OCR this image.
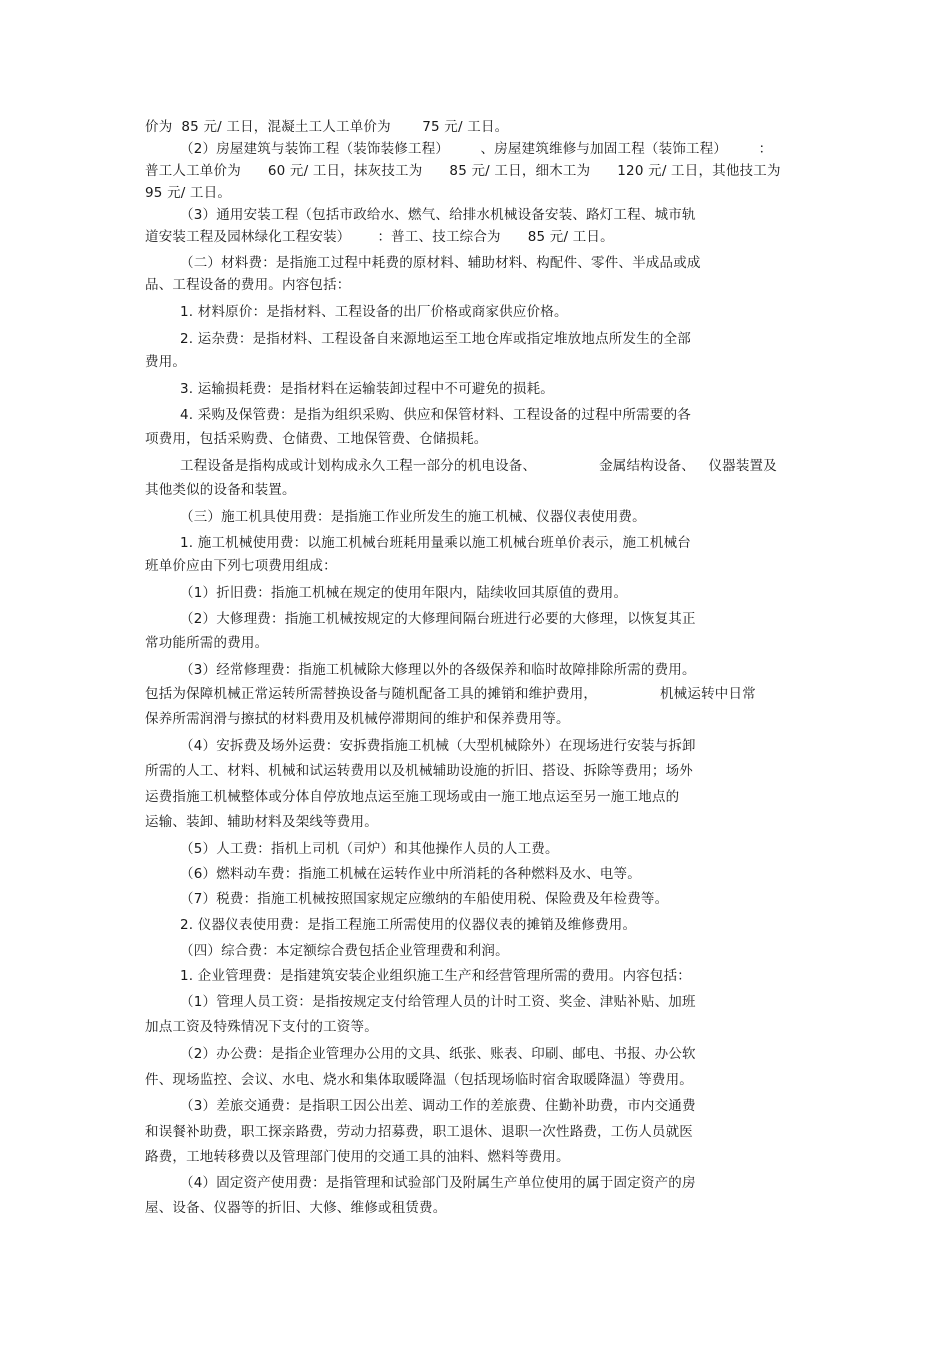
价为  85 元/ 工日，混凝土工人工单价为       75 元/ 工日。
（2）房屋建筑与装饰工程（装饰装修工程）       、房屋建筑维修与加固工程（装饰工程）       ：
普工人工单价为      60 元/ 工日，抹灰技工为      85 元/ 工日，细木工为      120 元/ 工日，其他技工为
95 元/ 工日。
（3）通用安装工程（包括市政给水、燃气、给排水机械设备安装、路灯工程、城市轨
道安装工程及园林绿化工程安装）      ：普工、技工综合为      85 元/ 工日。
（二）材料费：是指施工过程中耗费的原材料、辅助材料、构配件、零件、半成品或成
品、工程设备的费用。内容包括：
1. 材料原价：是指材料、工程设备的出厂价格或商家供应价格。
2. 运杂费：是指材料、工程设备自来源地运至工地仓库或指定堆放地点所发生的全部
费用。
3. 运输损耗费：是指材料在运输装卸过程中不可避免的损耗。
4. 采购及保管费：是指为组织采购、供应和保管材料、工程设备的过程中所需要的各
项费用，包括采购费、仓储费、工地保管费、仓储损耗。
工程设备是指构成或计划构成永久工程一部分的机电设备、              金属结构设备、   仪器装置及
其他类似的设备和装置。
（三）施工机具使用费：是指施工作业所发生的施工机械、仪器仪表使用费。
1. 施工机械使用费：以施工机械台班耗用量乘以施工机械台班单价表示，施工机械台
班单价应由下列七项费用组成：
（1）折旧费：指施工机械在规定的使用年限内，陆续收回其原值的费用。
（2）大修理费：指施工机械按规定的大修理间隔台班进行必要的大修理，以恢复其正
常功能所需的费用。
（3）经常修理费：指施工机械除大修理以外的各级保养和临时故障排除所需的费用。
包括为保障机械正常运转所需替换设备与随机配备工具的摊销和维护费用，              机械运转中日常
保养所需润滑与擦拭的材料费用及机械停滞期间的维护和保养费用等。
（4）安拆费及场外运费：安拆费指施工机械（大型机械除外）在现场进行安装与拆卸
所需的人工、材料、机械和试运转费用以及机械辅助设施的折旧、搭设、拆除等费用；场外
运费指施工机械整体或分体自停放地点运至施工现场或由一施工地点运至另一施工地点的
运输、装卸、辅助材料及架线等费用。
（5）人工费：指机上司机（司炉）和其他操作人员的人工费。
（6）燃料动车费：指施工机械在运转作业中所消耗的各种燃料及水、电等。
（7）税费：指施工机械按照国家规定应缴纳的车船使用税、保险费及年检费等。
2. 仪器仪表使用费：是指工程施工所需使用的仪器仪表的摊销及维修费用。
（四）综合费：本定额综合费包括企业管理费和利润。
1. 企业管理费：是指建筑安装企业组织施工生产和经营管理所需的费用。内容包括：
（1）管理人员工资：是指按规定支付给管理人员的计时工资、奖金、津贴补贴、加班
加点工资及特殊情况下支付的工资等。
（2）办公费：是指企业管理办公用的文具、纸张、账表、印刷、邮电、书报、办公软
件、现场监控、会议、水电、烧水和集体取暖降温（包括现场临时宿舍取暖降温）等费用。
（3）差旅交通费：是指职工因公出差、调动工作的差旅费、住勤补助费，市内交通费
和误餐补助费，职工探亲路费，劳动力招募费，职工退休、退职一次性路费，工伤人员就医
路费，工地转移费以及管理部门使用的交通工具的油料、燃料等费用。
（4）固定资产使用费：是指管理和试验部门及附属生产单位使用的属于固定资产的房
屋、设备、仪器等的折旧、大修、维修或租赁费。
